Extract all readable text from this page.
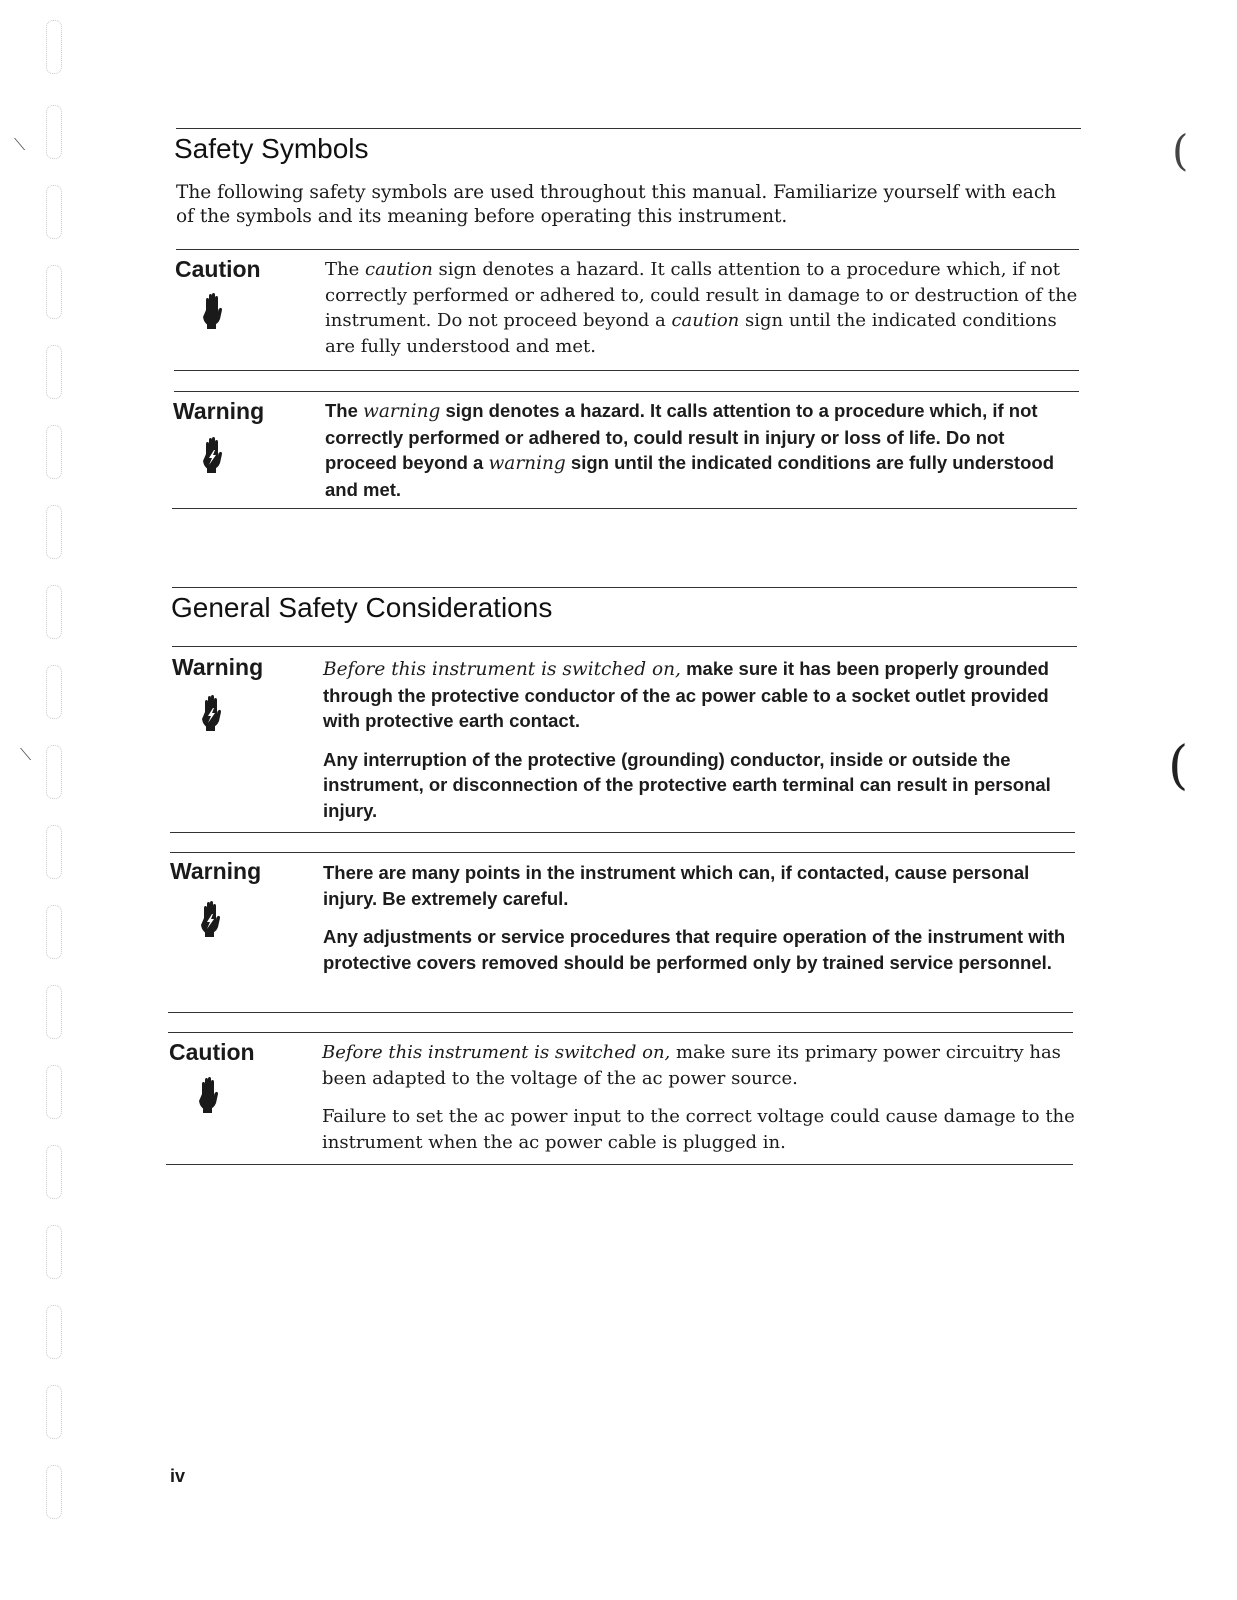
⟍
⟍
(
(
Safety Symbols

The following safety symbols are used throughout this manual. Familiarize yourself with each of the symbols and its meaning before operating this instrument.

Caution	The caution sign denotes a hazard. It calls attention to a procedure which, if not correctly performed or adhered to, could result in damage to or destruction of the instrument. Do not proceed beyond a caution sign until the indicated conditions are fully understood and met.

Warning	The warning sign denotes a hazard. It calls attention to a procedure which, if not correctly performed or adhered to, could result in injury or loss of life. Do not proceed beyond a warning sign until the indicated conditions are fully understood and met.

General Safety Considerations
Warning	Before this instrument is switched on, make sure it has been properly grounded through the protective conductor of the ac power cable to a socket outlet provided with protective earth contact.

Any interruption of the protective (grounding) conductor, inside or outside the instrument, or disconnection of the protective earth terminal can result in personal injury.

Warning	There are many points in the instrument which can, if contacted, cause personal injury. Be extremely careful.

Any adjustments or service procedures that require operation of the instrument with protective covers removed should be performed only by trained service personnel.

Caution	Before this instrument is switched on, make sure its primary power circuitry has been adapted to the voltage of the ac power source.

Failure to set the ac power input to the correct voltage could cause damage to the instrument when the ac power cable is plugged in.

iv
